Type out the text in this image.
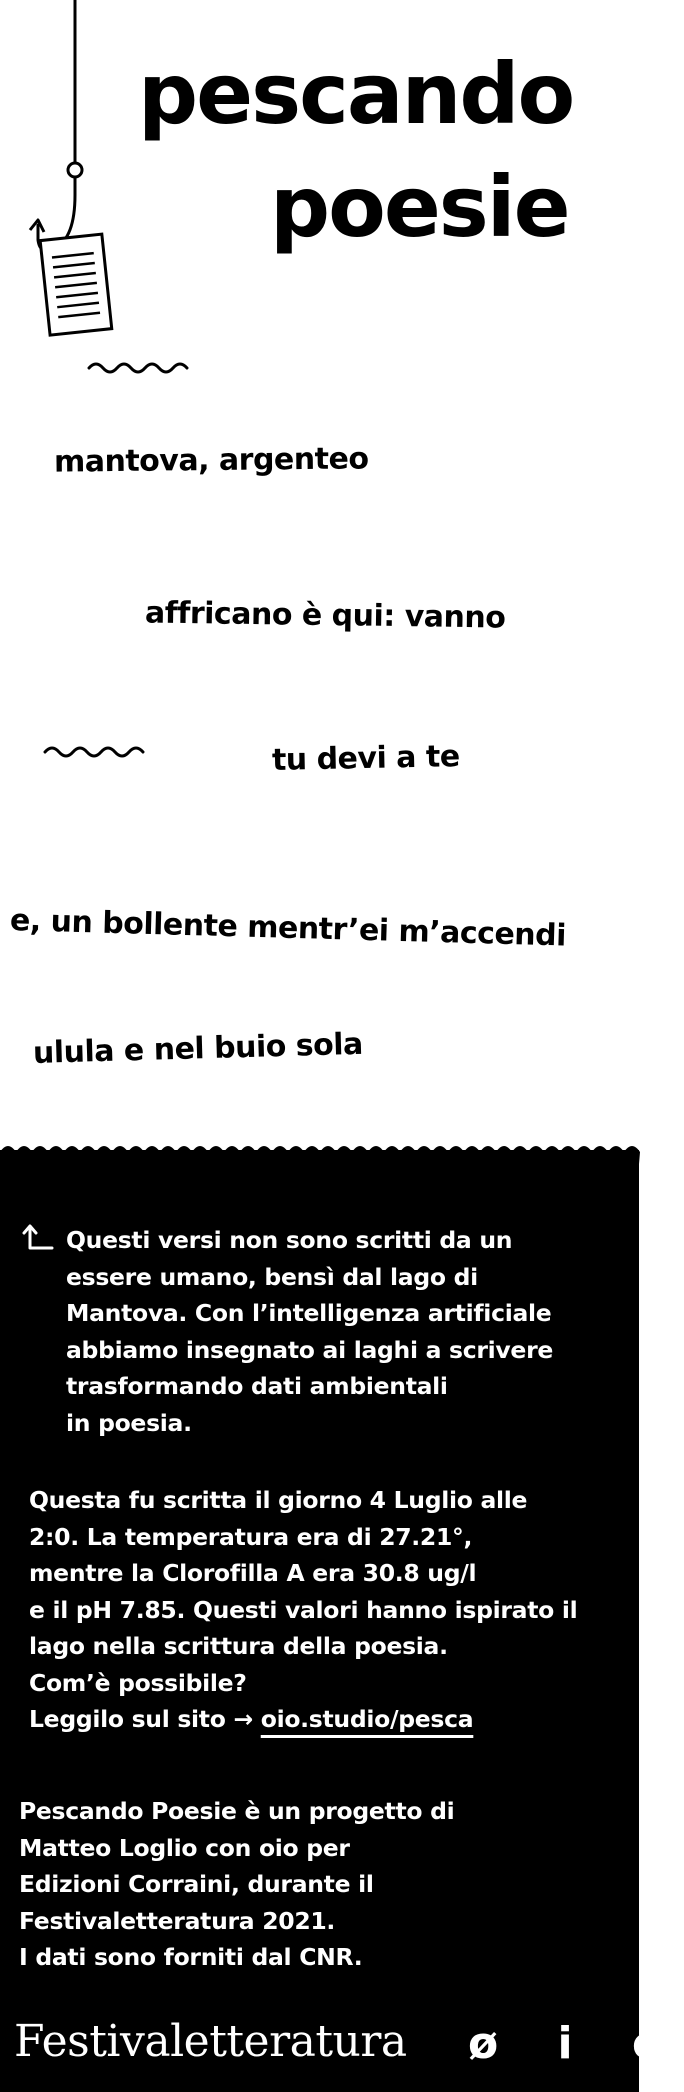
pescando
poesie
mantova, argenteo
affricano è qui: vanno
tu devi a te
e, un bollente mentr’ei m’accendi
ulula e nel buio sola
Questi versi non sono scritti da un
essere umano, bensì dal lago di
Mantova. Con l’intelligenza artificiale
abbiamo insegnato ai laghi a scrivere
trasformando dati ambientali
in poesia.
Questa fu scritta il giorno 4 Luglio alle
2:0. La temperatura era di 27.21°,
mentre la Clorofilla A era 30.8 ug/l
e il pH 7.85. Questi valori hanno ispirato il
lago nella scrittura della poesia.
Com’è possibile?
Leggilo sul sito → oio.studio/pesca
Pescando Poesie è un progetto di
Matteo Loglio con oio per
Edizioni Corraini, durante il
Festivaletteratura 2021.
I dati sono forniti dal CNR.
Festivaletteratura ø i o
